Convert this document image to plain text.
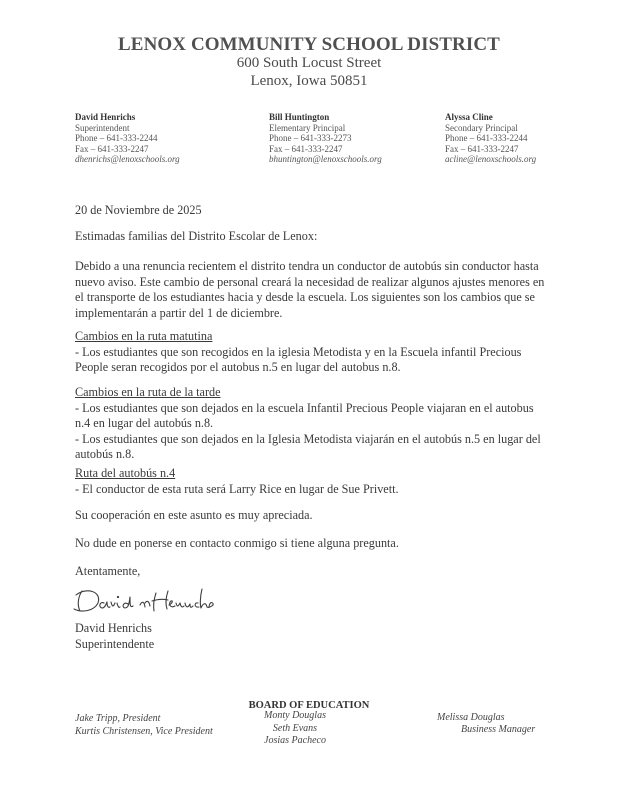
LENOX COMMUNITY SCHOOL DISTRICT
600 South Locust Street
Lenox, Iowa 50851
David Henrichs
Superintendent
Phone – 641-333-2244
Fax – 641-333-2247
dhenrichs@lenoxschools.org
Bill Huntington
Elementary Principal
Phone – 641-333-2273
Fax – 641-333-2247
bhuntington@lenoxschools.org
Alyssa Cline
Secondary Principal
Phone – 641-333-2244
Fax – 641-333-2247
acline@lenoxschools.org
20 de Noviembre de 2025
Estimadas familias del Distrito Escolar de Lenox:
Debido a una renuncia recientem el distrito tendra un conductor de autobús sin conductor hasta
nuevo aviso. Este cambio de personal creará la necesidad de realizar algunos ajustes menores en
el transporte de los estudiantes hacia y desde la escuela. Los siguientes son los cambios que se
implementarán a partir del 1 de diciembre.
Cambios en la ruta matutina
- Los estudiantes que son recogidos en la iglesia Metodista y en la Escuela infantil Precious
People seran recogidos por el autobus n.5 en lugar del autobus n.8.
Cambios en la ruta de la tarde
- Los estudiantes que son dejados en la escuela Infantil Precious People viajaran en el autobus
n.4 en lugar del autobús n.8.
- Los estudiantes que son dejados en la Iglesia Metodista viajarán en el autobús n.5 en lugar del
autobús n.8.
Ruta del autobús n.4
- El conductor de esta ruta será Larry Rice en lugar de Sue Privett.
Su cooperación en este asunto es muy apreciada.
No dude en ponerse en contacto conmigo si tiene alguna pregunta.
Atentamente,
David Henrichs
Superintendente
BOARD OF EDUCATION
Jake Tripp, President
Kurtis Christensen, Vice President
Monty Douglas
Seth Evans
Josias Pacheco
Melissa Douglas
Business Manager
